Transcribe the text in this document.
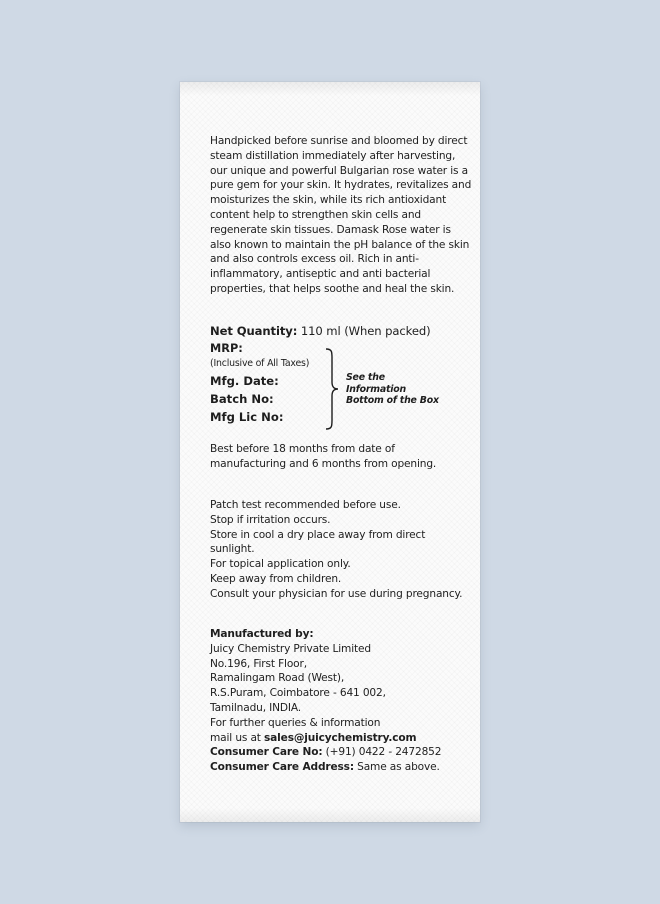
Handpicked before sunrise and bloomed by direct steam distillation immediately after harvesting, our unique and powerful Bulgarian rose water is a pure gem for your skin. It hydrates, revitalizes and moisturizes the skin, while its rich antioxidant content help to strengthen skin cells and regenerate skin tissues. Damask Rose water is also known to maintain the pH balance of the skin and also controls excess oil. Rich in anti-inflammatory, antiseptic and anti bacterial properties, that helps soothe and heal the skin.
Net Quantity: 110 ml (When packed)
MRP:
(Inclusive of All Taxes)
Mfg. Date:
Batch No:
Mfg Lic No:
See the Information Bottom of the Box
Best before 18 months from date of manufacturing and 6 months from opening.
Patch test recommended before use.
Stop if irritation occurs.
Store in cool a dry place away from direct sunlight.
For topical application only.
Keep away from children.
Consult your physician for use during pregnancy.
Manufactured by:
Juicy Chemistry Private Limited
No.196, First Floor,
Ramalingam Road (West),
R.S.Puram, Coimbatore - 641 002,
Tamilnadu, INDIA.
For further queries & information
mail us at sales@juicychemistry.com
Consumer Care No: (+91) 0422 - 2472852
Consumer Care Address: Same as above.
